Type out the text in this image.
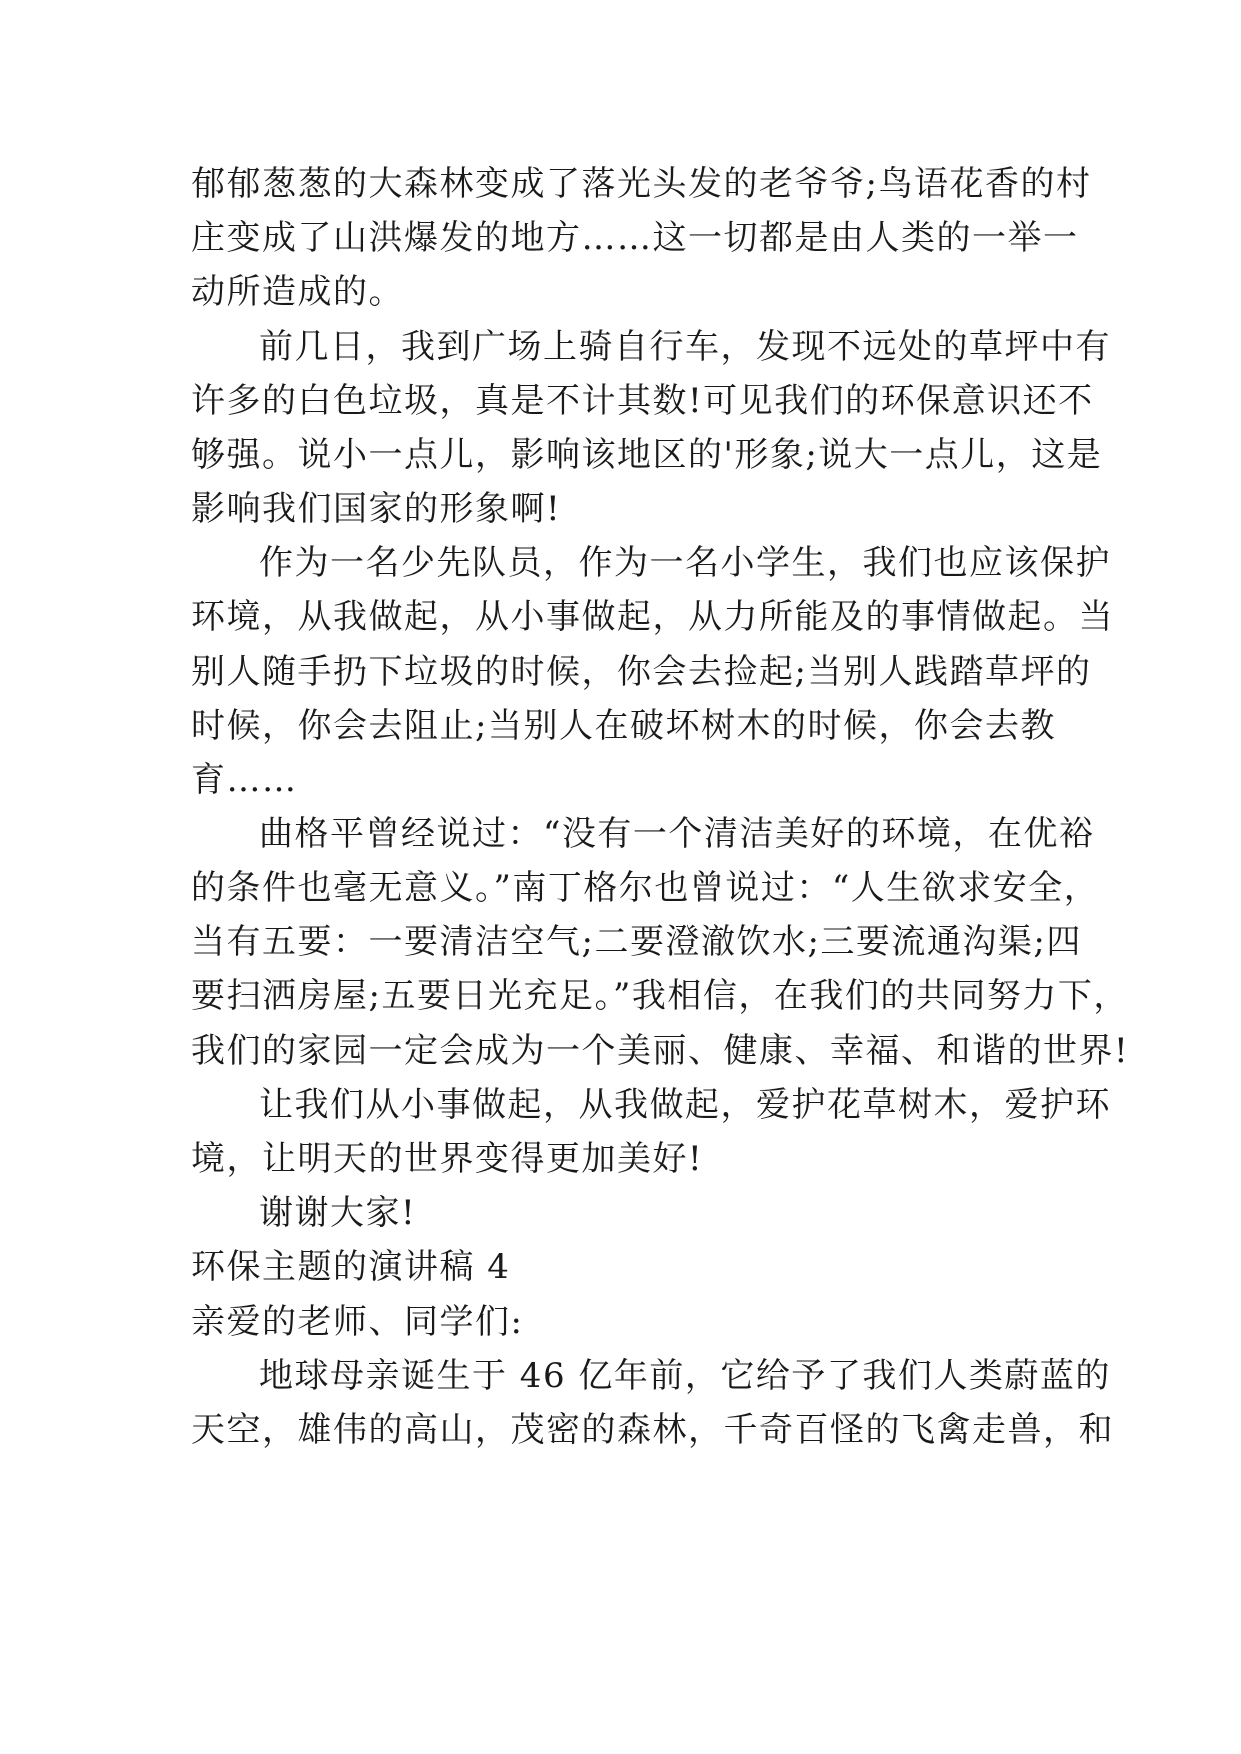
郁郁葱葱的大森林变成了落光头发的老爷爷;鸟语花香的村
庄变成了山洪爆发的地方……这一切都是由人类的一举一
动所造成的。
前几日，我到广场上骑自行车，发现不远处的草坪中有
许多的白色垃圾，真是不计其数!可见我们的环保意识还不
够强。说小一点儿，影响该地区的'形象;说大一点儿，这是
影响我们国家的形象啊!
作为一名少先队员，作为一名小学生，我们也应该保护
环境，从我做起，从小事做起，从力所能及的事情做起。当
别人随手扔下垃圾的时候，你会去捡起;当别人践踏草坪的
时候，你会去阻止;当别人在破坏树木的时候，你会去教
育……
曲格平曾经说过：“没有一个清洁美好的环境，在优裕
的条件也毫无意义。”南丁格尔也曾说过：“人生欲求安全，
当有五要：一要清洁空气;二要澄澈饮水;三要流通沟渠;四
要扫洒房屋;五要日光充足。”我相信，在我们的共同努力下，
我们的家园一定会成为一个美丽、健康、幸福、和谐的世界!
让我们从小事做起，从我做起，爱护花草树木，爱护环
境，让明天的世界变得更加美好!
谢谢大家!
环保主题的演讲稿 4
亲爱的老师、同学们:
地球母亲诞生于 46 亿年前，它给予了我们人类蔚蓝的
天空，雄伟的高山，茂密的森林，千奇百怪的飞禽走兽，和
